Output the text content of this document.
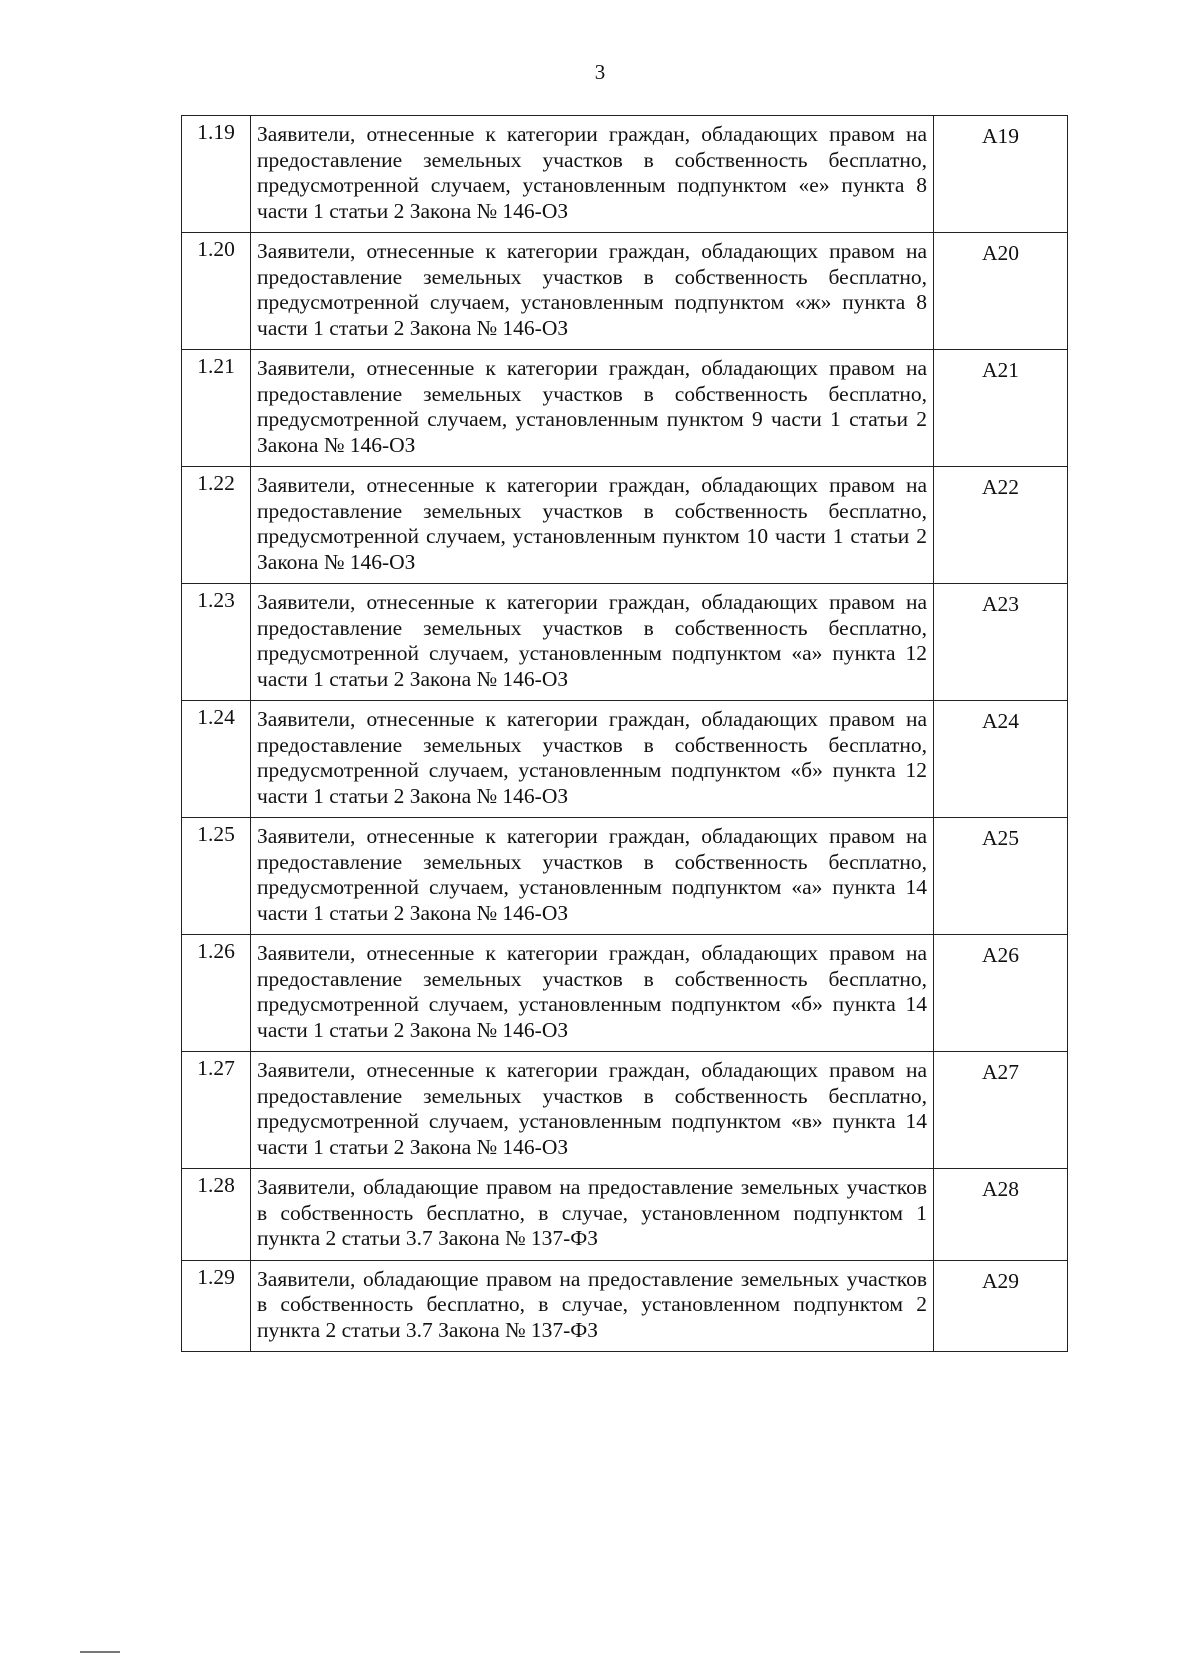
3
1.19	Заявители, отнесенные к категории граждан, обладающих правом на предоставление земельных участков в собственность бесплатно, предусмотренной случаем, установленным подпунктом «е» пункта 8 части 1 статьи 2 Закона № 146-ОЗ	А19
1.20	Заявители, отнесенные к категории граждан, обладающих правом на предоставление земельных участков в собственность бесплатно, предусмотренной случаем, установленным подпунктом «ж» пункта 8 части 1 статьи 2 Закона № 146-ОЗ	А20
1.21	Заявители, отнесенные к категории граждан, обладающих правом на предоставление земельных участков в собственность бесплатно, предусмотренной случаем, установленным пунктом 9 части 1 статьи 2 Закона № 146-ОЗ	А21
1.22	Заявители, отнесенные к категории граждан, обладающих правом на предоставление земельных участков в собственность бесплатно, предусмотренной случаем, установленным пунктом 10 части 1 статьи 2 Закона № 146-ОЗ	А22
1.23	Заявители, отнесенные к категории граждан, обладающих правом на предоставление земельных участков в собственность бесплатно, предусмотренной случаем, установленным подпунктом «а» пункта 12 части 1 статьи 2 Закона № 146-ОЗ	А23
1.24	Заявители, отнесенные к категории граждан, обладающих правом на предоставление земельных участков в собственность бесплатно, предусмотренной случаем, установленным подпунктом «б» пункта 12 части 1 статьи 2 Закона № 146-ОЗ	А24
1.25	Заявители, отнесенные к категории граждан, обладающих правом на предоставление земельных участков в собственность бесплатно, предусмотренной случаем, установленным подпунктом «а» пункта 14 части 1 статьи 2 Закона № 146-ОЗ	А25
1.26	Заявители, отнесенные к категории граждан, обладающих правом на предоставление земельных участков в собственность бесплатно, предусмотренной случаем, установленным подпунктом «б» пункта 14 части 1 статьи 2 Закона № 146-ОЗ	А26
1.27	Заявители, отнесенные к категории граждан, обладающих правом на предоставление земельных участков в собственность бесплатно, предусмотренной случаем, установленным подпунктом «в» пункта 14 части 1 статьи 2 Закона № 146-ОЗ	А27
1.28	Заявители, обладающие правом на предоставление земельных участков в собственность бесплатно, в случае, установленном подпунктом 1 пункта 2 статьи 3.7 Закона № 137-ФЗ	А28
1.29	Заявители, обладающие правом на предоставление земельных участков в собственность бесплатно, в случае, установленном подпунктом 2 пункта 2 статьи 3.7 Закона № 137-ФЗ	А29
